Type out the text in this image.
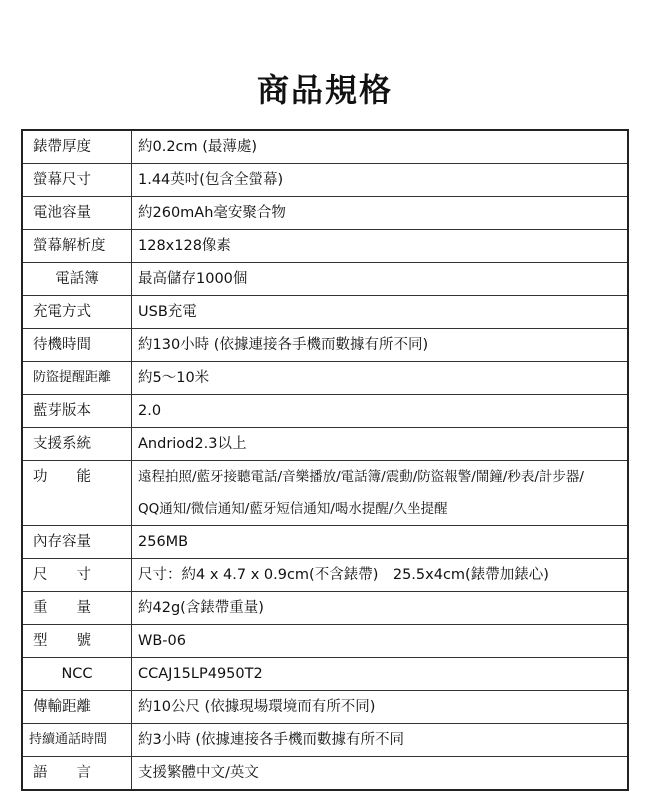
商品規格
錶帶厚度	約0.2cm (最薄處)
螢幕尺寸	1.44英吋(包含全螢幕)
電池容量	約260mAh毫安聚合物
螢幕解析度	128x128像素
電話簿	最高儲存1000個
充電方式	USB充電
待機時間	約130小時 (依據連接各手機而數據有所不同)
防盜提醒距離	約5～10米
藍芽版本	2.0
支援系統	Andriod2.3以上
功　　能	遠程拍照/藍牙接聽電話/音樂播放/電話簿/震動/防盜報警/鬧鐘/秒表/計步器/
QQ通知/微信通知/藍牙短信通知/喝水提醒/久坐提醒

內存容量	256MB
尺　　寸	尺寸：約4 x 4.7 x 0.9cm(不含錶帶)　25.5x4cm(錶帶加錶心)
重　　量	約42g(含錶帶重量)
型　　號	WB-06
NCC	CCAJ15LP4950T2
傳輸距離	約10公尺 (依據現場環境而有所不同)
持續通話時間	約3小時 (依據連接各手機而數據有所不同
語　　言	支援繁體中文/英文
